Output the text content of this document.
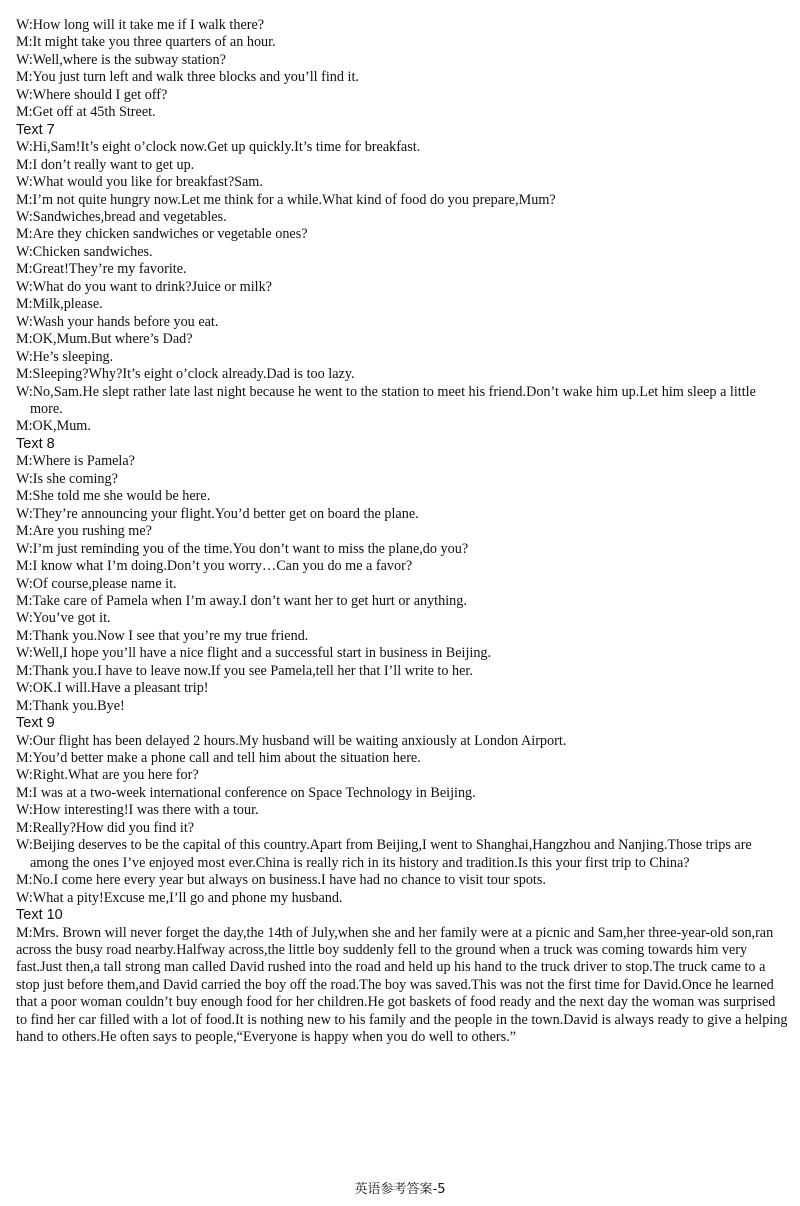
W:How long will it take me if I walk there?
M:It might take you three quarters of an hour.
W:Well,where is the subway station?
M:You just turn left and walk three blocks and you’ll find it.
W:Where should I get off?
M:Get off at 45th Street.
Text 7
W:Hi,Sam!It’s eight o’clock now.Get up quickly.It’s time for breakfast.
M:I don’t really want to get up.
W:What would you like for breakfast?Sam.
M:I’m not quite hungry now.Let me think for a while.What kind of food do you prepare,Mum?
W:Sandwiches,bread and vegetables.
M:Are they chicken sandwiches or vegetable ones?
W:Chicken sandwiches.
M:Great!They’re my favorite.
W:What do you want to drink?Juice or milk?
M:Milk,please.
W:Wash your hands before you eat.
M:OK,Mum.But where’s Dad?
W:He’s sleeping.
M:Sleeping?Why?It’s eight o’clock already.Dad is too lazy.
W:No,Sam.He slept rather late last night because he went to the station to meet his friend.Don’t wake him up.Let him sleep a little more.
M:OK,Mum.
Text 8
M:Where is Pamela?
W:Is she coming?
M:She told me she would be here.
W:They’re announcing your flight.You’d better get on board the plane.
M:Are you rushing me?
W:I’m just reminding you of the time.You don’t want to miss the plane,do you?
M:I know what I’m doing.Don’t you worry…Can you do me a favor?
W:Of course,please name it.
M:Take care of Pamela when I’m away.I don’t want her to get hurt or anything.
W:You’ve got it.
M:Thank you.Now I see that you’re my true friend.
W:Well,I hope you’ll have a nice flight and a successful start in business in Beijing.
M:Thank you.I have to leave now.If you see Pamela,tell her that I’ll write to her.
W:OK.I will.Have a pleasant trip!
M:Thank you.Bye!
Text 9
W:Our flight has been delayed 2 hours.My husband will be waiting anxiously at London Airport.
M:You’d better make a phone call and tell him about the situation here.
W:Right.What are you here for?
M:I was at a two-week international conference on Space Technology in Beijing.
W:How interesting!I was there with a tour.
M:Really?How did you find it?
W:Beijing deserves to be the capital of this country.Apart from Beijing,I went to Shanghai,Hangzhou and Nanjing.Those trips are among the ones I’ve enjoyed most ever.China is really rich in its history and tradition.Is this your first trip to China?
M:No.I come here every year but always on business.I have had no chance to visit tour spots.
W:What a pity!Excuse me,I’ll go and phone my husband.
Text 10
M:Mrs. Brown will never forget the day,the 14th of July,when she and her family were at a picnic and Sam,her three-year-old son,ran across the busy road nearby.Halfway across,the little boy suddenly fell to the ground when a truck was coming towards him very fast.Just then,a tall strong man called David rushed into the road and held up his hand to the truck driver to stop.The truck came to a stop just before them,and David carried the boy off the road.The boy was saved.This was not the first time for David.Once he learned that a poor woman couldn’t buy enough food for her children.He got baskets of food ready and the next day the woman was surprised to find her car filled with a lot of food.It is nothing new to his family and the people in the town.David is always ready to give a helping hand to others.He often says to people,“Everyone is happy when you do well to others.”
英语参考答案-5
